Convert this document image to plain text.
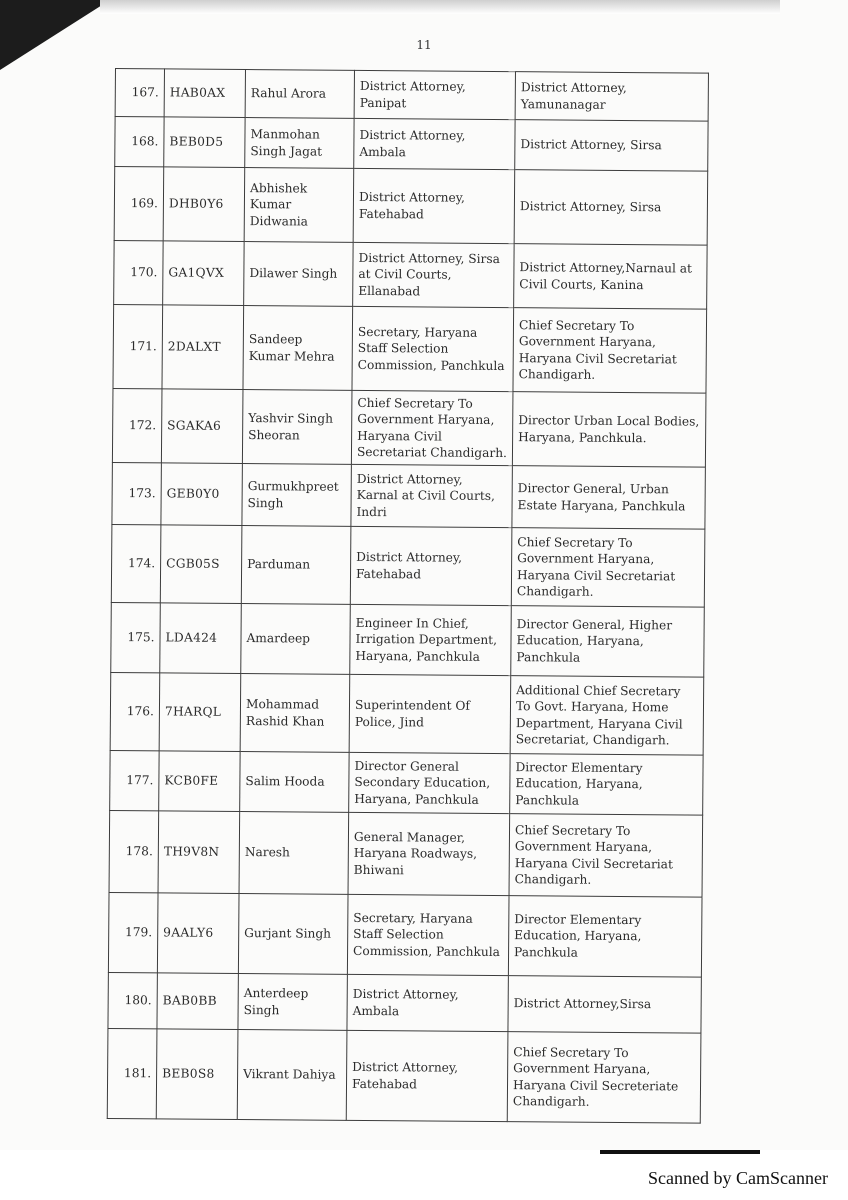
11
167.	HAB0AX	Rahul Arora	District Attorney, Panipat	District Attorney, Yamunanagar
168.	BEB0D5	Manmohan Singh Jagat	District Attorney, Ambala	District Attorney, Sirsa
169.	DHB0Y6	Abhishek Kumar Didwania	District Attorney, Fatehabad	District Attorney, Sirsa
170.	GA1QVX	Dilawer Singh	District Attorney, Sirsa at Civil Courts, Ellanabad	District Attorney,Narnaul at Civil Courts, Kanina
171.	2DALXT	Sandeep Kumar Mehra	Secretary, Haryana Staff Selection Commission, Panchkula	Chief Secretary To Government Haryana, Haryana Civil Secretariat Chandigarh.
172.	SGAKA6	Yashvir Singh Sheoran	Chief Secretary To Government Haryana, Haryana Civil Secretariat Chandigarh.	Director Urban Local Bodies, Haryana, Panchkula.
173.	GEB0Y0	Gurmukhpreet Singh	District Attorney, Karnal at Civil Courts, Indri	Director General, Urban Estate Haryana, Panchkula
174.	CGB05S	Parduman	District Attorney, Fatehabad	Chief Secretary To Government Haryana, Haryana Civil Secretariat Chandigarh.
175.	LDA424	Amardeep	Engineer In Chief, Irrigation Department, Haryana, Panchkula	Director General, Higher Education, Haryana, Panchkula
176.	7HARQL	Mohammad Rashid Khan	Superintendent Of Police, Jind	Additional Chief Secretary To Govt. Haryana, Home Department, Haryana Civil Secretariat, Chandigarh.
177.	KCB0FE	Salim Hooda	Director General Secondary Education, Haryana, Panchkula	Director Elementary Education, Haryana, Panchkula
178.	TH9V8N	Naresh	General Manager, Haryana Roadways, Bhiwani	Chief Secretary To Government Haryana, Haryana Civil Secretariat Chandigarh.
179.	9AALY6	Gurjant Singh	Secretary, Haryana Staff Selection Commission, Panchkula	Director Elementary Education, Haryana, Panchkula
180.	BAB0BB	Anterdeep Singh	District Attorney, Ambala	District Attorney,Sirsa
181.	BEB0S8	Vikrant Dahiya	District Attorney, Fatehabad	Chief Secretary To Government Haryana, Haryana Civil Secreteriate Chandigarh.
Scanned by CamScanner
